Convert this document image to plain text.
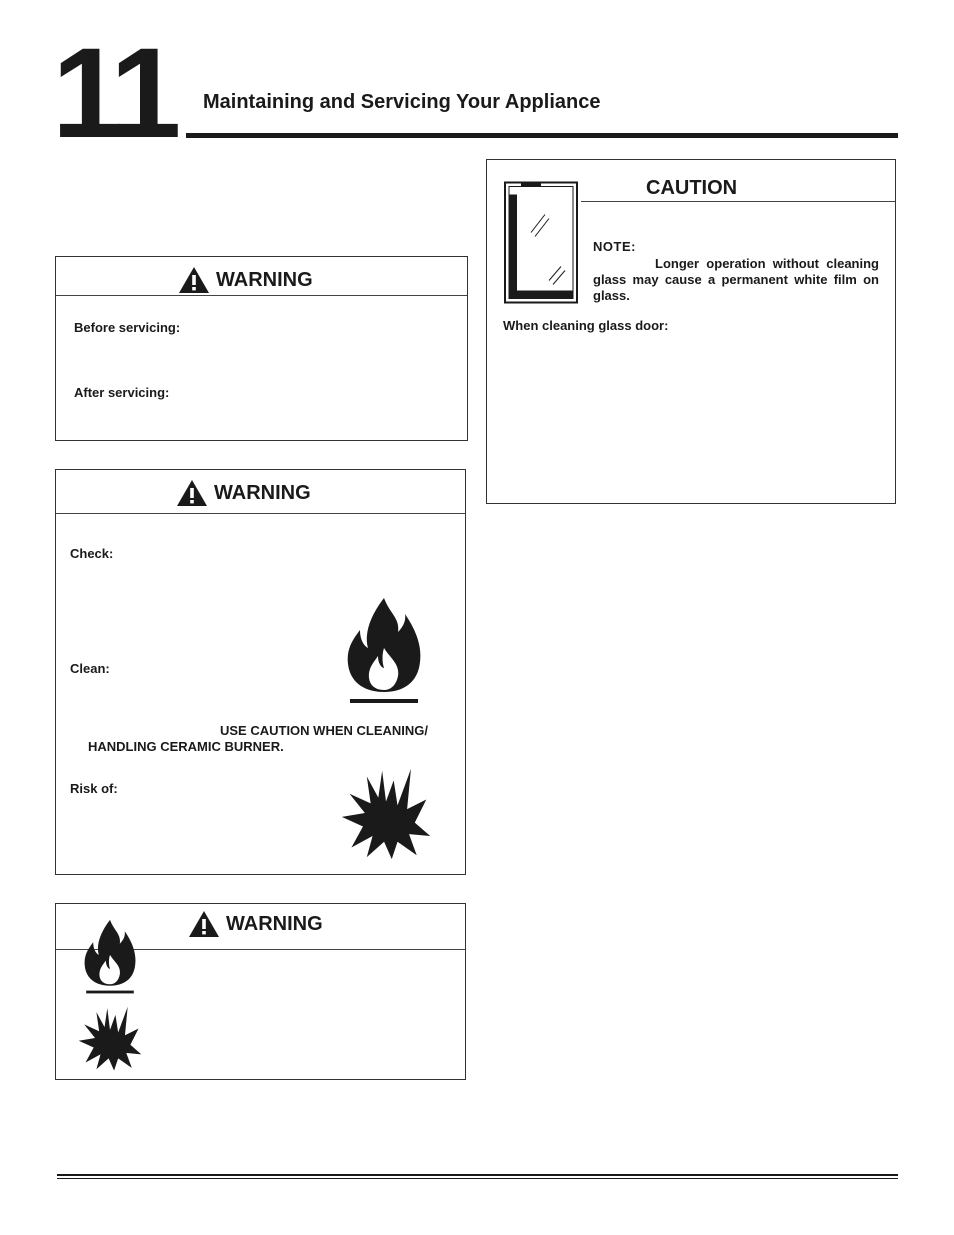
11 Maintaining and Servicing Your Appliance
WARNING
Before servicing:
After servicing:
WARNING
Check:
Clean:
USE CAUTION WHEN CLEANING/
HANDLING CERAMIC BURNER.
Risk of:
WARNING
CAUTION
NOTE:
Longer operation without cleaning glass may cause a permanent white film on glass.
When cleaning glass door:
